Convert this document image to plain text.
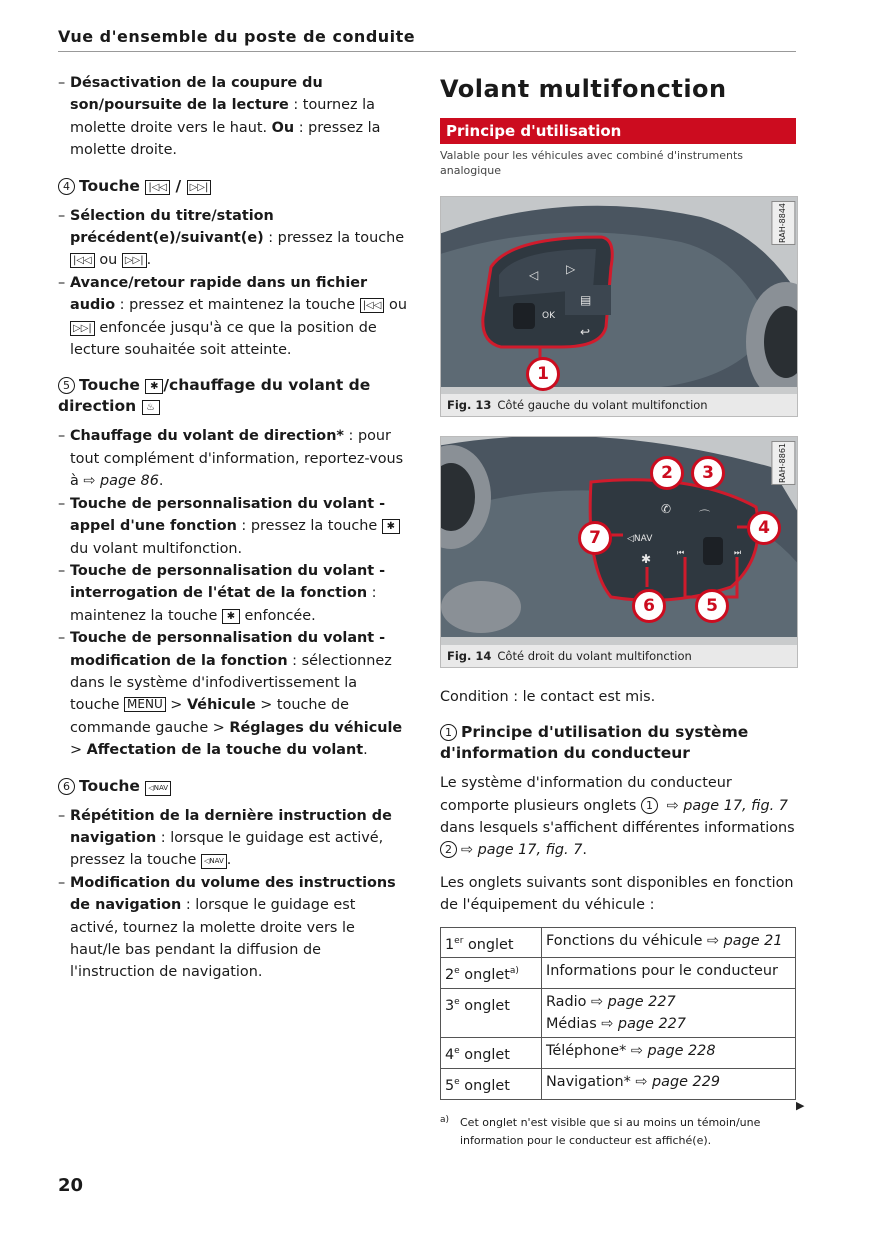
Vue d'ensemble du poste de conduite

– Désactivation de la coupure du son/poursuite de la lecture : tournez la molette droite vers le haut. Ou : pressez la molette droite.

4 Touche |◁◁ / ▷▷|

– Sélection du titre/station précédent(e)/suivant(e) : pressez la touche |◁◁ ou ▷▷| .

– Avance/retour rapide dans un fichier audio : pressez et maintenez la touche |◁◁ ou ▷▷| enfoncée jusqu'à ce que la position de lecture souhaitée soit atteinte.

5 Touche ✱ /chauffage du volant de direction ♨

– Chauffage du volant de direction* : pour tout complément d'information, reportez-vous à ⇨ page 86.

– Touche de personnalisation du volant - appel d'une fonction : pressez la touche ✱ du volant multifonction.

– Touche de personnalisation du volant - interrogation de l'état de la fonction : maintenez la touche ✱ enfoncée.

– Touche de personnalisation du volant - modification de la fonction : sélectionnez dans le système d'infodivertissement la touche MENU > Véhicule > touche de commande gauche > Réglages du véhicule > Affectation de la touche du volant.

6 Touche ◁NAV

– Répétition de la dernière instruction de navigation : lorsque le guidage est activé, pressez la touche ◁NAV .

– Modification du volume des instructions de navigation : lorsque le guidage est activé, tournez la molette droite vers le haut/le bas pendant la diffusion de l'instruction de navigation.

Volant multifonction
Principe d'utilisation
Valable pour les véhicules avec combiné d'instruments analogique
◁ ▷
OK
▤
↩
1
RAH-8844
Fig. 13 Côté gauche du volant multifonction
✆	⌒
◁NAV
✱	⏮	⏭
2	3
4
5
6
7
RAH-8861
Fig. 14 Côté droit du volant multifonction

Condition : le contact est mis.

1 Principe d'utilisation du système d'information du conducteur

Le système d'information du conducteur comporte plusieurs onglets 1 ⇨ page 17, fig. 7 dans lesquels s'affichent différentes informations 2 ⇨ page 17, fig. 7.

Les onglets suivants sont disponibles en fonction de l'équipement du véhicule :

1er onglet	Fonctions du véhicule ⇨ page 21
2e onglet$^{a)}$	Informations pour le conducteur
3e onglet	Radio ⇨ page 227
Médias ⇨ page 227
4e onglet	Téléphone* ⇨ page 228
5e onglet	Navigation* ⇨ page 229
a) Cet onglet n'est visible que si au moins un témoin/une information pour le conducteur est affiché(e).
▶
20
